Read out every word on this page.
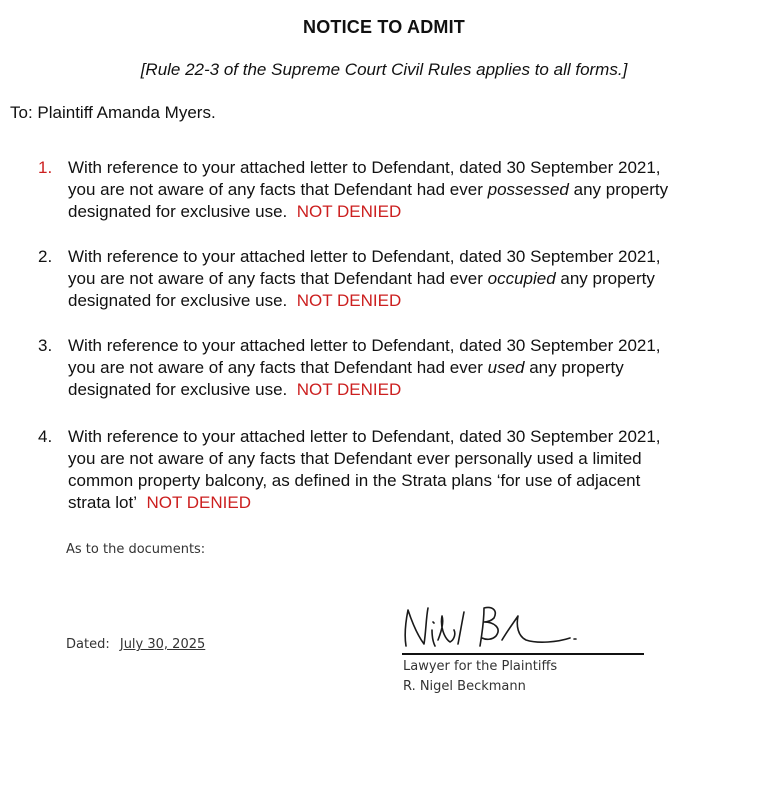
NOTICE TO ADMIT
[Rule 22-3 of the Supreme Court Civil Rules applies to all forms.]
To: Plaintiff Amanda Myers.
1. With reference to your attached letter to Defendant, dated 30 September 2021,
you are not aware of any facts that Defendant had ever possessed any property
designated for exclusive use. NOT DENIED
2. With reference to your attached letter to Defendant, dated 30 September 2021,
you are not aware of any facts that Defendant had ever occupied any property
designated for exclusive use. NOT DENIED
3. With reference to your attached letter to Defendant, dated 30 September 2021,
you are not aware of any facts that Defendant had ever used any property
designated for exclusive use. NOT DENIED
4. With reference to your attached letter to Defendant, dated 30 September 2021,
you are not aware of any facts that Defendant ever personally used a limited
common property balcony, as defined in the Strata plans ‘for use of adjacent
strata lot’ NOT DENIED
As to the documents:
Dated: July 30, 2025
Lawyer for the Plaintiffs
R. Nigel Beckmann
